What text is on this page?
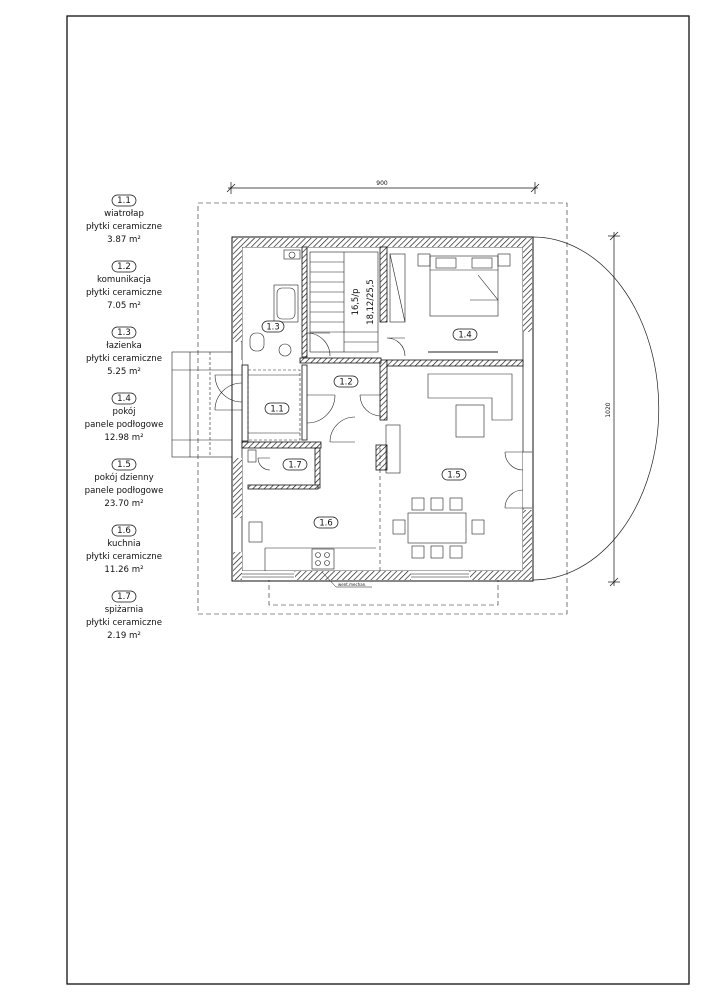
1.1
wiatrołap
płytki ceramiczne
3.87 m²
1.2
komunikacja
płytki ceramiczne
7.05 m²
1.3
łazienka
płytki ceramiczne
5.25 m²
1.4
pokój
panele podłogowe
12.98 m²
1.5
pokój dzienny
panele podłogowe
23.70 m²
1.6
kuchnia
płytki ceramiczne
11.26 m²
1.7
spiżarnia
płytki ceramiczne
2.19 m²
16,5/p 18,12/25,5
1.3
1.4
1.2
1.1
1.7
1.5
1.6
900
1020
went.mechan.
